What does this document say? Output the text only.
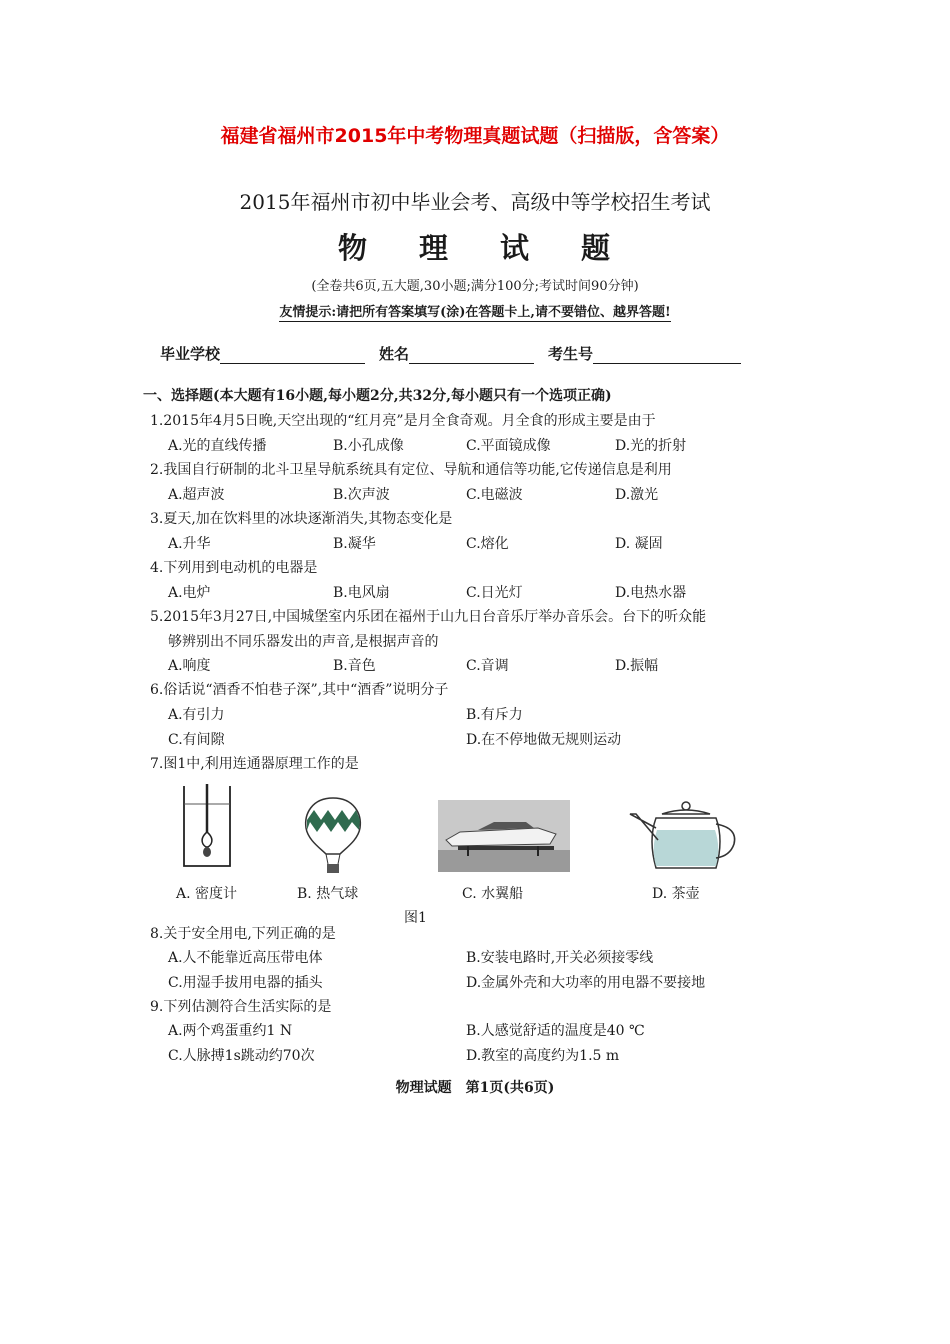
福建省福州市2015年中考物理真题试题（扫描版，含答案）
2015年福州市初中毕业会考、高级中等学校招生考试
物 理 试 题
(全卷共6页,五大题,30小题;满分100分;考试时间90分钟)
友情提示:请把所有答案填写(涂)在答题卡上,请不要错位、越界答题!
毕业学校	姓名	考生号
一、选择题(本大题有16小题,每小题2分,共32分,每小题只有一个选项正确)
1.2015年4月5日晚,天空出现的“红月亮”是月全食奇观。月全食的形成主要是由于
A.光的直线传播	B.小孔成像	C.平面镜成像	D.光的折射
2.我国自行研制的北斗卫星导航系统具有定位、导航和通信等功能,它传递信息是利用
A.超声波	B.次声波	C.电磁波	D.激光
3.夏天,加在饮料里的冰块逐渐消失,其物态变化是
A.升华	B.凝华	C.熔化	D. 凝固
4.下列用到电动机的电器是
A.电炉	B.电风扇	C.日光灯	D.电热水器
5.2015年3月27日,中国城堡室内乐团在福州于山九日台音乐厅举办音乐会。台下的听众能
够辨别出不同乐器发出的声音,是根据声音的
A.响度	B.音色	C.音调	D.振幅
6.俗话说“酒香不怕巷子深”,其中“酒香”说明分子
A.有引力	B.有斥力
C.有间隙	D.在不停地做无规则运动
7.图1中,利用连通器原理工作的是
A. 密度计	B. 热气球	C. 水翼船	D. 茶壶
图1
8.关于安全用电,下列正确的是
A.人不能靠近高压带电体	B.安装电路时,开关必须接零线
C.用湿手拔用电器的插头	D.金属外壳和大功率的用电器不要接地
9.下列估测符合生活实际的是
A.两个鸡蛋重约1 N	B.人感觉舒适的温度是40 ℃
C.人脉搏1s跳动约70次	D.教室的高度约为1.5 m
物理试题　第1页(共6页)
